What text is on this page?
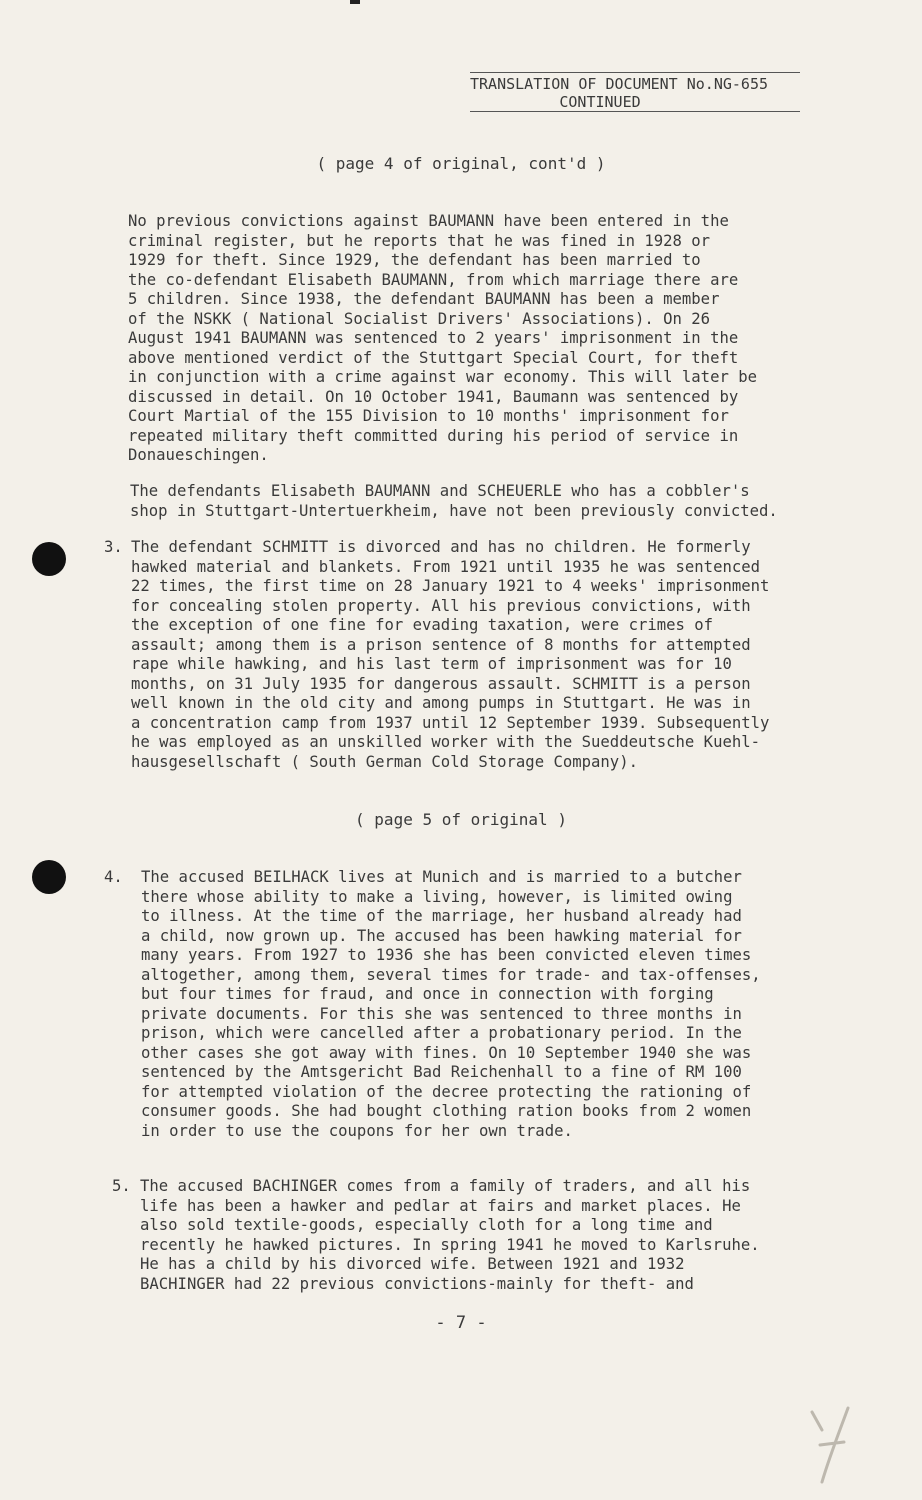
TRANSLATION OF DOCUMENT No.NG-655
CONTINUED
( page 4 of original, cont'd )

No previous convictions against BAUMANN have been entered in the

criminal register, but he reports that he was fined in 1928 or

1929 for theft. Since 1929, the defendant has been married to

the co-defendant Elisabeth BAUMANN, from which marriage there are

5 children. Since 1938, the defendant BAUMANN has been a member

of the NSKK ( National Socialist Drivers' Associations). On 26

August 1941 BAUMANN was sentenced to 2 years' imprisonment in the

above mentioned verdict of the Stuttgart Special Court, for theft

in conjunction with a crime against war economy. This will later be

discussed in detail. On 10 October 1941, Baumann was sentenced by

Court Martial of the 155 Division to 10 months' imprisonment for

repeated military theft committed during his period of service in

Donaueschingen.

The defendants Elisabeth BAUMANN and SCHEUERLE who has a cobbler's

shop in Stuttgart-Untertuerkheim, have not been previously convicted.

3. The defendant SCHMITT is divorced and has no children. He formerly

hawked material and blankets. From 1921 until 1935 he was sentenced

22 times, the first time on 28 January 1921 to 4 weeks' imprisonment

for concealing stolen property. All his previous convictions, with

the exception of one fine for evading taxation, were crimes of

assault; among them is a prison sentence of 8 months for attempted

rape while hawking, and his last term of imprisonment was for 10

months, on 31 July 1935 for dangerous assault. SCHMITT is a person

well known in the old city and among pumps in Stuttgart. He was in

a concentration camp from 1937 until 12 September 1939. Subsequently

he was employed as an unskilled worker with the Sueddeutsche Kuehl-

hausgesellschaft ( South German Cold Storage Company).

( page 5 of original )
4. The accused BEILHACK lives at Munich and is married to a butcher

there whose ability to make a living, however, is limited owing

to illness. At the time of the marriage, her husband already had

a child, now grown up. The accused has been hawking material for

many years. From 1927 to 1936 she has been convicted eleven times

altogether, among them, several times for trade- and tax-offenses,

but four times for fraud, and once in connection with forging

private documents. For this she was sentenced to three months in

prison, which were cancelled after a probationary period. In the

other cases she got away with fines. On 10 September 1940 she was

sentenced by the Amtsgericht Bad Reichenhall to a fine of RM 100

for attempted violation of the decree protecting the rationing of

consumer goods. She had bought clothing ration books from 2 women

in order to use the coupons for her own trade.

5. The accused BACHINGER comes from a family of traders, and all his

life has been a hawker and pedlar at fairs and market places. He

also sold textile-goods, especially cloth for a long time and

recently he hawked pictures. In spring 1941 he moved to Karlsruhe.

He has a child by his divorced wife. Between 1921 and 1932

BACHINGER had 22 previous convictions-mainly for theft- and

- 7 -
